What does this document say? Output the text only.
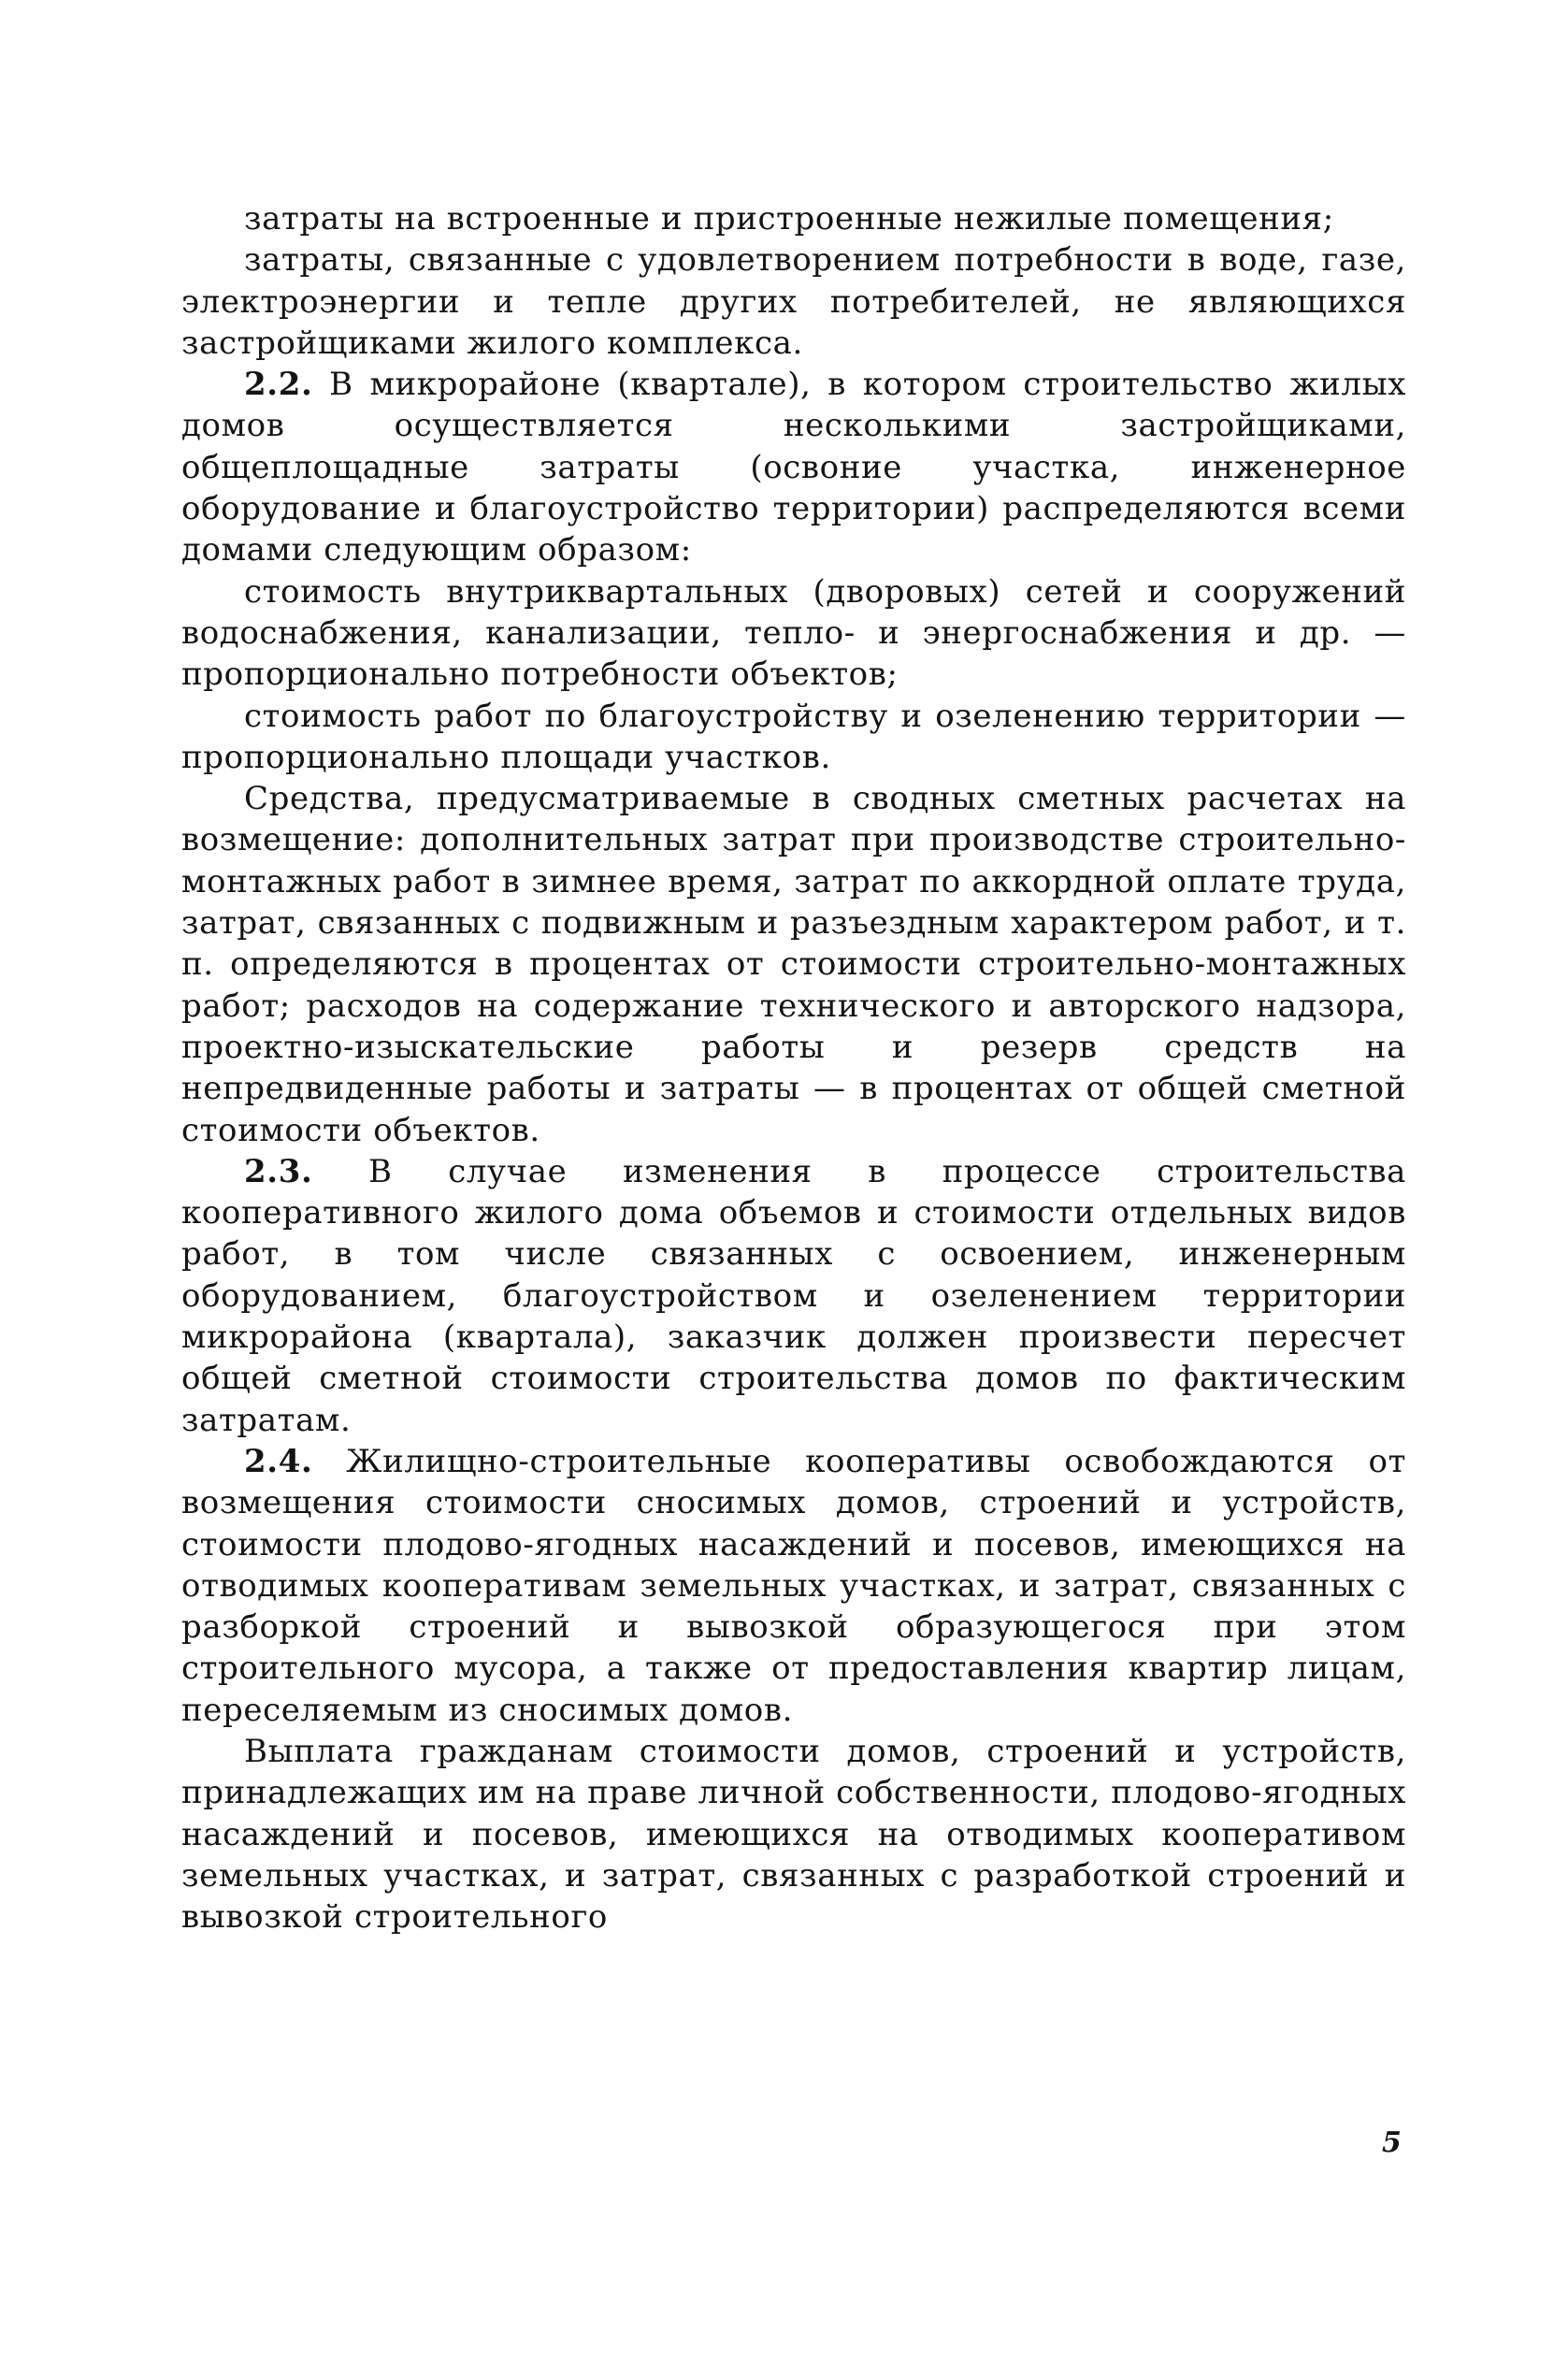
затраты на встроенные и пристроенные нежилые помещения;

затраты, связанные с удовлетворением потребности в воде, газе, электроэнергии и тепле других потребителей, не являющихся застройщиками жилого комплекса.

2.2. В микрорайоне (квартале), в котором строительство жилых домов осуществляется несколькими застройщиками, общеплощадные затраты (освоние участка, инженерное оборудование и благоустройство территории) распределяются всеми домами следующим образом:

стоимость внутриквартальных (дворовых) сетей и сооружений водоснабжения, канализации, тепло- и энергоснабжения и др. — пропорционально потребности объектов;

стоимость работ по благоустройству и озеленению территории — пропорционально площади участков.

Средства, предусматриваемые в сводных сметных расчетах на возмещение: дополнительных затрат при производстве строительно-монтажных работ в зимнее время, затрат по аккордной оплате труда, затрат, связанных с подвижным и разъездным характером работ, и т. п. определяются в процентах от стоимости строительно-монтажных работ; расходов на содержание технического и авторского надзора, проектно-изыскательские работы и резерв средств на непредвиденные работы и затраты — в процентах от общей сметной стоимости объектов.

2.3. В случае изменения в процессе строительства кооперативного жилого дома объемов и стоимости отдельных видов работ, в том числе связанных с освоением, инженерным оборудованием, благоустройством и озеленением территории микрорайона (квартала), заказчик должен произвести пересчет общей сметной стоимости строительства домов по фактическим затратам.

2.4. Жилищно-строительные кооперативы освобождаются от возмещения стоимости сносимых домов, строений и устройств, стоимости плодово-ягодных насаждений и посевов, имеющихся на отводимых кооперативам земельных участках, и затрат, связанных с разборкой строений и вывозкой образующегося при этом строительного мусора, а также от предоставления квартир лицам, переселяемым из сносимых домов.

Выплата гражданам стоимости домов, строений и устройств, принадлежащих им на праве личной собственности, плодово-ягодных насаждений и посевов, имеющихся на отводимых кооперативом земельных участках, и затрат, связанных с разработкой строений и вывозкой строительного

5
